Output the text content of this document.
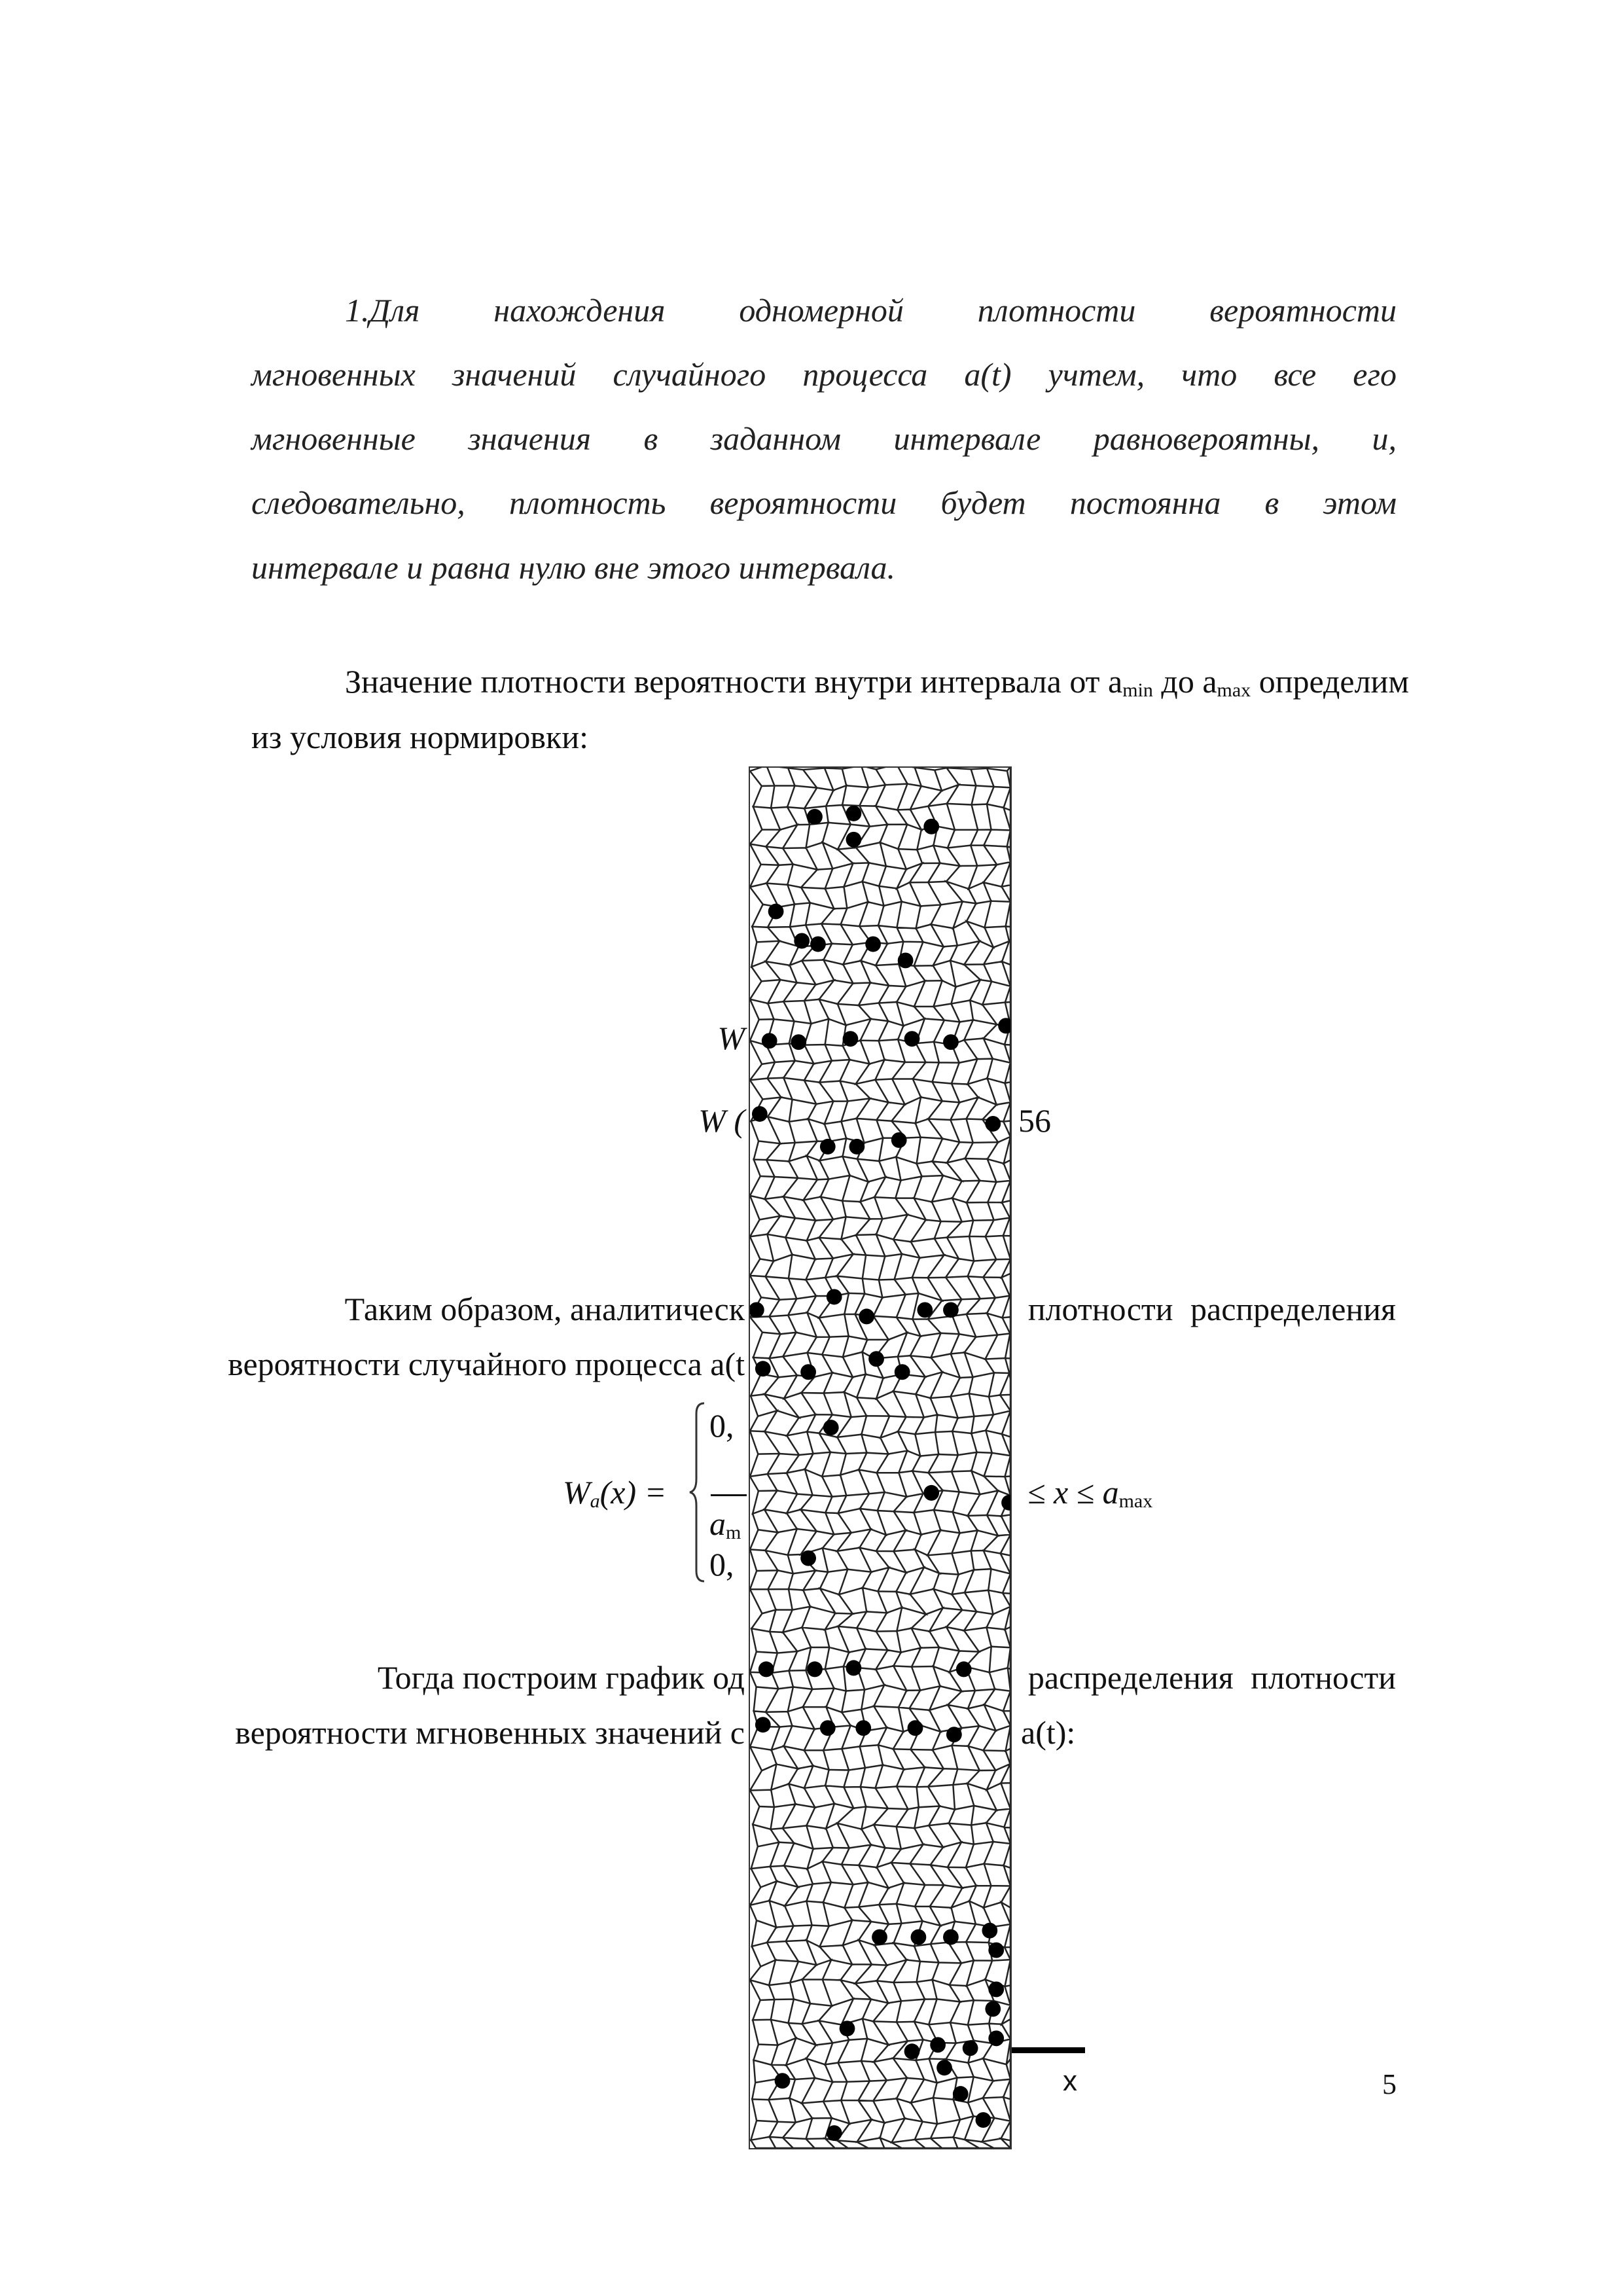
1.Для нахождения одномерной плотности вероятности
мгновенных значений случайного процесса a(t) учтем, что все его
мгновенные значения в заданном интервале равновероятны, и,
следовательно, плотность вероятности будет постоянна в этом
интервале и равна нулю вне этого интервала.
Значение плотности вероятности внутри интервала от $a_{min}$ до $a_{max}$ определим
из условия нормировки:
W
W (	56
Таким образом, аналитическ	плотности распределения
вероятности случайного процесса a(t
$W_a(x)$ =
0,
$a_m$
0,
≤ $x \le a_{max}$
Тогда построим график од	распределения плотности
вероятности мгновенных значений с	a(t):
x	5
